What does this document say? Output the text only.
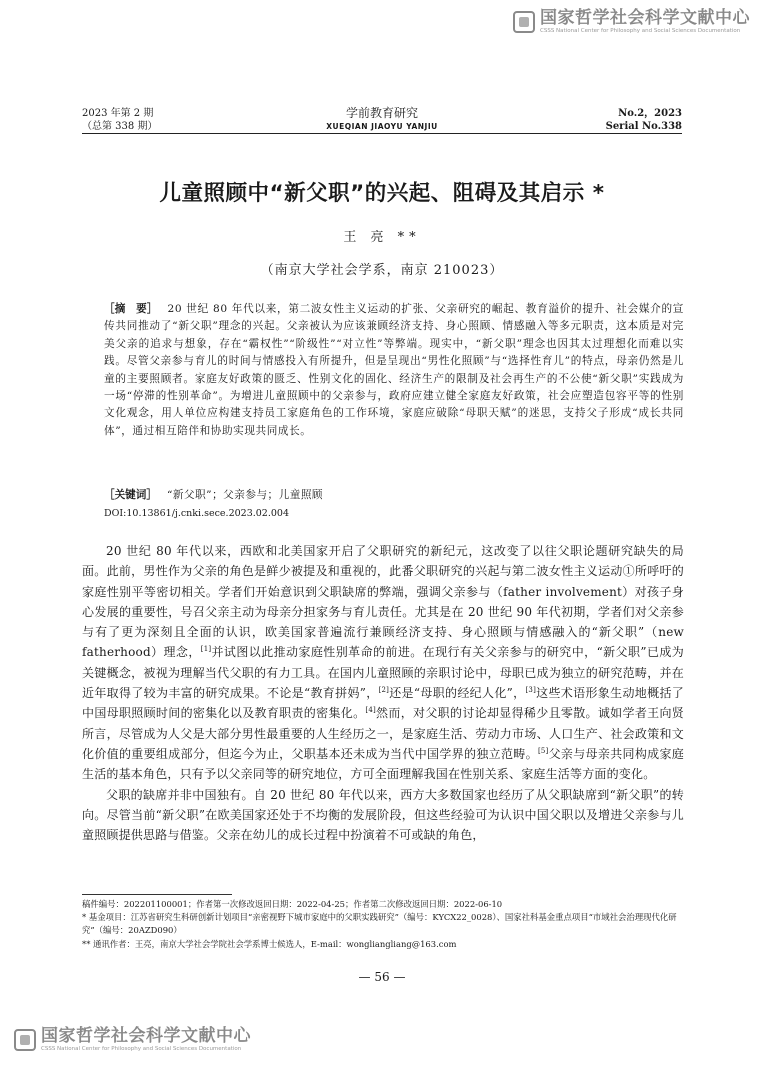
国家哲学社会科学文献中心
CSSS National Center for Philosophy and Social Sciences Documentation
2023 年第 2 期
（总第 338 期）
学前教育研究
XUEQIAN JIAOYU YANJIU
No.2，2023
Serial No.338
儿童照顾中“新父职”的兴起、阻碍及其启示 *
王 亮 **
（南京大学社会学系，南京 210023）
［摘　要］ 20 世纪 80 年代以来，第二波女性主义运动的扩张、父亲研究的崛起、教育溢价的提升、社会媒介的宣传共同推动了“新父职”理念的兴起。父亲被认为应该兼顾经济支持、身心照顾、情感融入等多元职责，这本质是对完美父亲的追求与想象，存在“霸权性”“阶级性”“对立性”等弊端。现实中，“新父职”理念也因其太过理想化而难以实践。尽管父亲参与育儿的时间与情感投入有所提升，但是呈现出“男性化照顾”与“选择性育儿”的特点，母亲仍然是儿童的主要照顾者。家庭友好政策的匮乏、性别文化的固化、经济生产的限制及社会再生产的不公使“新父职”实践成为一场“停滞的性别革命”。为增进儿童照顾中的父亲参与，政府应建立健全家庭友好政策，社会应塑造包容平等的性别文化观念，用人单位应构建支持员工家庭角色的工作环境，家庭应破除“母职天赋”的迷思，支持父子形成“成长共同体”，通过相互陪伴和协助实现共同成长。
［关键词］ “新父职”；父亲参与；儿童照顾
DOI:10.13861/j.cnki.sece.2023.02.004

20 世纪 80 年代以来，西欧和北美国家开启了父职研究的新纪元，这改变了以往父职论题研究缺失的局面。此前，男性作为父亲的角色是鲜少被提及和重视的，此番父职研究的兴起与第二波女性主义运动①所呼吁的家庭性别平等密切相关。学者们开始意识到父职缺席的弊端，强调父亲参与（father involvement）对孩子身心发展的重要性，号召父亲主动为母亲分担家务与育儿责任。尤其是在 20 世纪 90 年代初期，学者们对父亲参与有了更为深刻且全面的认识，欧美国家普遍流行兼顾经济支持、身心照顾与情感融入的“新父职”（new fatherhood）理念，[1]并试图以此推动家庭性别革命的前进。在现行有关父亲参与的研究中，“新父职”已成为关键概念，被视为理解当代父职的有力工具。在国内儿童照顾的亲职讨论中，母职已成为独立的研究范畴，并在近年取得了较为丰富的研究成果。不论是“教育拼妈”，[2]还是“母职的经纪人化”，[3]这些术语形象生动地概括了中国母职照顾时间的密集化以及教育职责的密集化。[4]然而，对父职的讨论却显得稀少且零散。诚如学者王向贤所言，尽管成为人父是大部分男性最重要的人生经历之一，是家庭生活、劳动力市场、人口生产、社会政策和文化价值的重要组成部分，但迄今为止，父职基本还未成为当代中国学界的独立范畴。[5]父亲与母亲共同构成家庭生活的基本角色，只有予以父亲同等的研究地位，方可全面理解我国在性别关系、家庭生活等方面的变化。

父职的缺席并非中国独有。自 20 世纪 80 年代以来，西方大多数国家也经历了从父职缺席到“新父职”的转向。尽管当前“新父职”在欧美国家还处于不均衡的发展阶段，但这些经验可为认识中国父职以及增进父亲参与儿童照顾提供思路与借鉴。父亲在幼儿的成长过程中扮演着不可或缺的角色，

稿件编号：202201100001；作者第一次修改返回日期：2022-04-25；作者第二次修改返回日期：2022-06-10
* 基金项目：江苏省研究生科研创新计划项目“亲密视野下城市家庭中的父职实践研究”（编号：KYCX22_0028）、国家社科基金重点项目“市域社会治理现代化研究”（编号：20AZD090）
** 通讯作者：王亮，南京大学社会学院社会学系博士候选人，E-mail：wongliangliang@163.com
— 56 —
国家哲学社会科学文献中心
CSSS National Center for Philosophy and Social Sciences Documentation
